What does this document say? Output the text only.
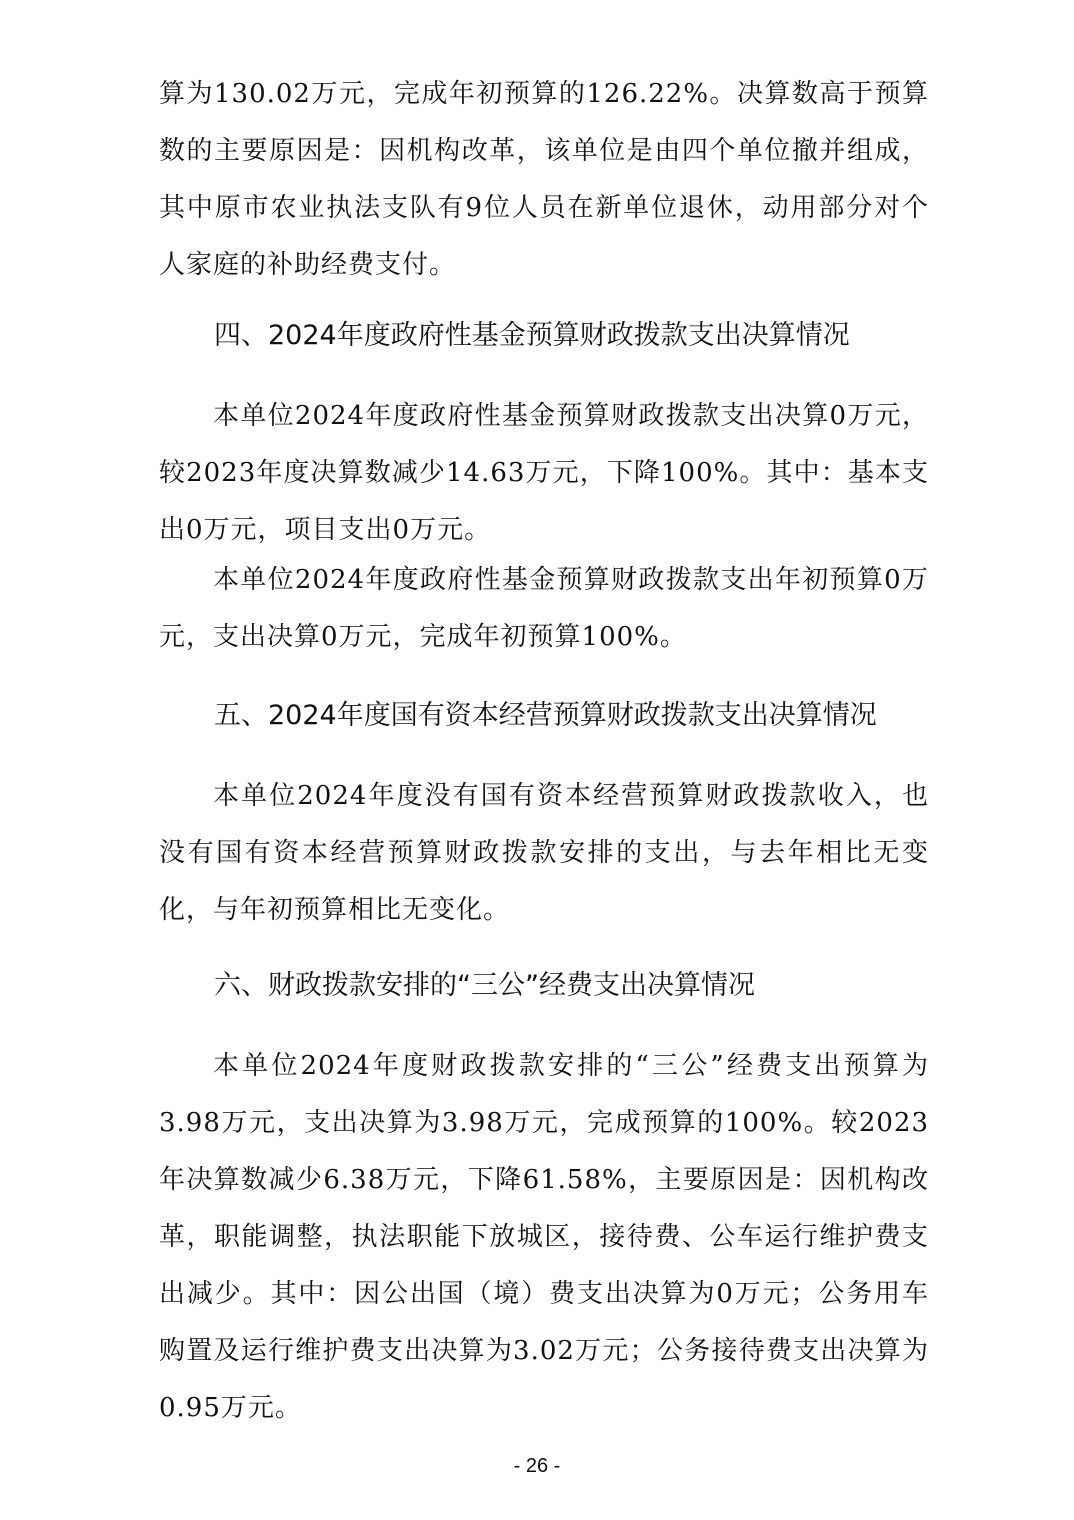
算为130.02万元，完成年初预算的126.22%。决算数高于预算数的主要原因是：因机构改革，该单位是由四个单位撤并组成，其中原市农业执法支队有9位人员在新单位退休，动用部分对个人家庭的补助经费支付。

四、2024年度政府性基金预算财政拨款支出决算情况

本单位2024年度政府性基金预算财政拨款支出决算0万元，较2023年度决算数减少14.63万元，下降100%。其中：基本支出0万元，项目支出0万元。

本单位2024年度政府性基金预算财政拨款支出年初预算0万元，支出决算0万元，完成年初预算100%。

五、2024年度国有资本经营预算财政拨款支出决算情况

本单位2024年度没有国有资本经营预算财政拨款收入，也没有国有资本经营预算财政拨款安排的支出，与去年相比无变化，与年初预算相比无变化。

六、财政拨款安排的“三公”经费支出决算情况

本单位2024年度财政拨款安排的“三公”经费支出预算为3.98万元，支出决算为3.98万元，完成预算的100%。较2023年决算数减少6.38万元，下降61.58%，主要原因是：因机构改革，职能调整，执法职能下放城区，接待费、公车运行维护费支出减少。其中：因公出国（境）费支出决算为0万元；公务用车购置及运行维护费支出决算为3.02万元；公务接待费支出决算为0.95万元。

- 26 -
